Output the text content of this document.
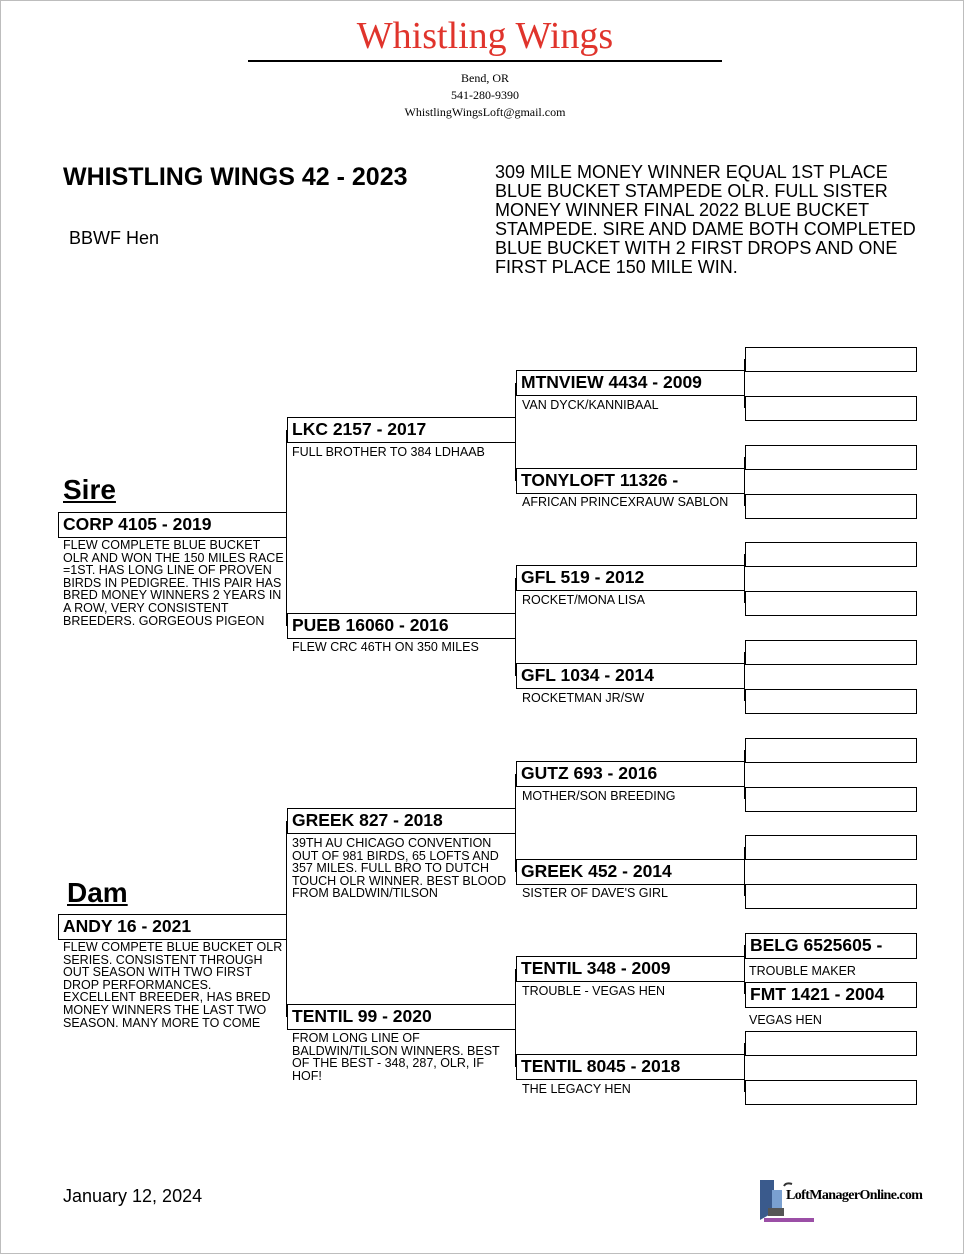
Whistling Wings
Bend, OR
541-280-9390
WhistlingWingsLoft@gmail.com
WHISTLING WINGS 42 - 2023
BBWF Hen
309 MILE MONEY WINNER EQUAL 1ST PLACE BLUE BUCKET STAMPEDE OLR. FULL SISTER MONEY WINNER FINAL 2022 BLUE BUCKET STAMPEDE. SIRE AND DAME BOTH COMPLETED BLUE BUCKET WITH 2 FIRST DROPS AND ONE FIRST PLACE 150 MILE WIN.
Sire
CORP 4105 - 2019
FLEW COMPLETE BLUE BUCKET OLR AND WON THE 150 MILES RACE =1ST. HAS LONG LINE OF PROVEN BIRDS IN PEDIGREE. THIS PAIR HAS BRED MONEY WINNERS 2 YEARS IN A ROW, VERY CONSISTENT BREEDERS. GORGEOUS PIGEON
Dam
ANDY 16 - 2021
FLEW COMPETE BLUE BUCKET OLR SERIES. CONSISTENT THROUGH OUT SEASON WITH TWO FIRST DROP PERFORMANCES. EXCELLENT BREEDER, HAS BRED MONEY WINNERS THE LAST TWO SEASON. MANY MORE TO COME
LKC 2157 - 2017
FULL BROTHER TO 384 LDHAAB
PUEB 16060 - 2016
FLEW CRC 46TH ON 350 MILES
GREEK 827 - 2018
39TH AU CHICAGO CONVENTION OUT OF 981 BIRDS, 65 LOFTS AND 357 MILES. FULL BRO TO DUTCH TOUCH OLR WINNER. BEST BLOOD FROM BALDWIN/TILSON
TENTIL 99 - 2020
FROM LONG LINE OF BALDWIN/TILSON WINNERS. BEST OF THE BEST - 348, 287, OLR, IF HOF!
MTNVIEW 4434 - 2009
VAN DYCK/KANNIBAAL
TONYLOFT 11326 -
AFRICAN PRINCEXRAUW SABLON
GFL 519 - 2012
ROCKET/MONA LISA
GFL 1034 - 2014
ROCKETMAN JR/SW
GUTZ 693 - 2016
MOTHER/SON BREEDING
GREEK 452 - 2014
SISTER OF DAVE'S GIRL
TENTIL 348 - 2009
TROUBLE - VEGAS HEN
TENTIL 8045 - 2018
THE LEGACY HEN
BELG 6525605 -
TROUBLE MAKER
FMT 1421 - 2004
VEGAS HEN
January 12, 2024	LoftManagerOnline.com
